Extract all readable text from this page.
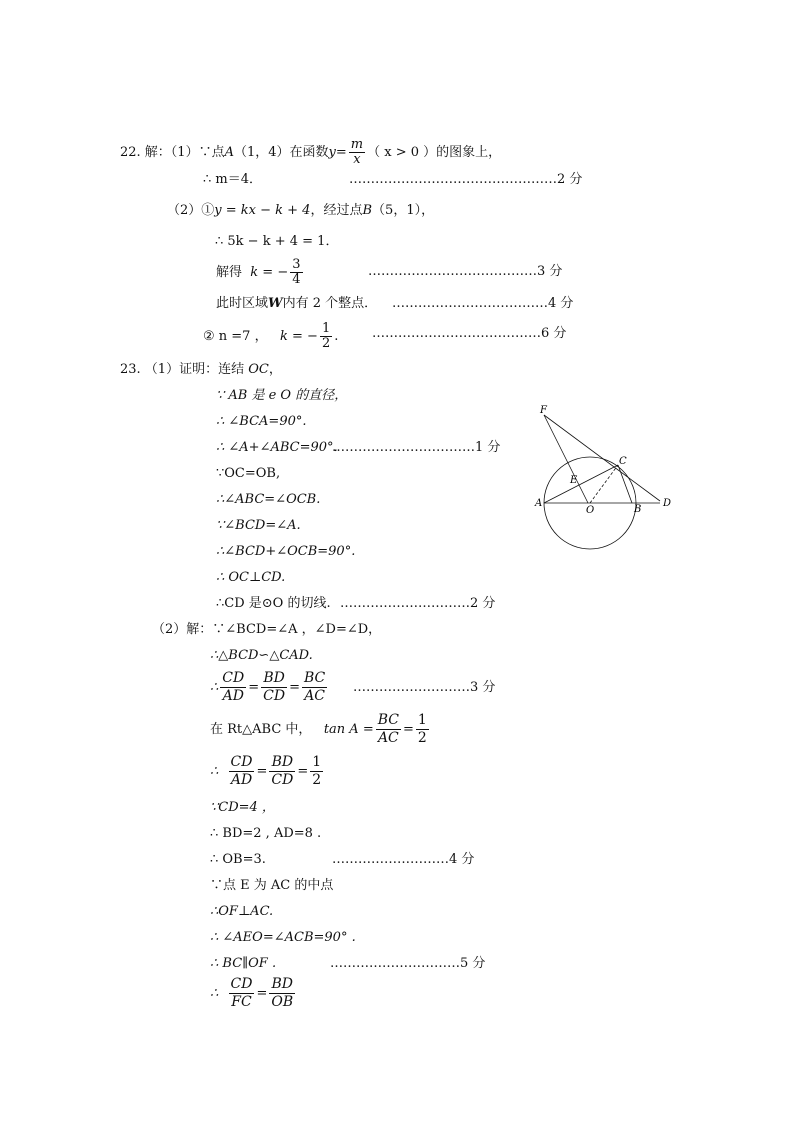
22. 解：（1）∵点A（1，4）在函数$y= \frac{m}{x}$ （ x > 0 ）的图象上，
∴ m＝4．	…………………………………………2 分
（2）①y = kx − k + 4，经过点B（5，1），
∴ 5k − k + 4 = 1．
解得 k = − $\frac{3}{4}$	…………………………………3 分
此时区域W内有 2 个整点． ………………………………4 分
② n =7 ， k = − $\frac{1}{2}$ .	…………………………………6 分
23. （1）证明：连结 OC，
∵ AB 是 e O 的直径，
∴ ∠BCA=90°.
∴ ∠A+∠ABC=90°．
……………………………1 分
∵OC=OB,
∴∠ABC=∠OCB.
∵∠BCD=∠A.
∴∠BCD+∠OCB=90°.
∴ OC⊥CD.
∴CD 是⊙O 的切线. …………………………2 分
（2）解：∵∠BCD=∠A ，∠D=∠D，
∴△BCD∽△CAD.
∴ $\frac{CD}{AD} = \frac{BD}{CD} = \frac{BC}{AC}$ ………………………3 分
在 Rt△ABC 中， $\tan A = \frac{BC}{AC} = \frac{1}{2}$
∴ $\frac{CD}{AD} = \frac{BD}{CD} = \frac{1}{2}$
∵CD=4 ，
∴ BD=2 , AD=8 .
∴ OB=3.	………………………4 分
∵点 E 为 AC 的中点
∴OF⊥AC.
∴ ∠AEO=∠ACB=90° .
∴ BC∥OF .	…………………………5 分
∴ $\frac{CD}{FC} = \frac{BD}{OB}$
F
C
E
A
O	B
D
